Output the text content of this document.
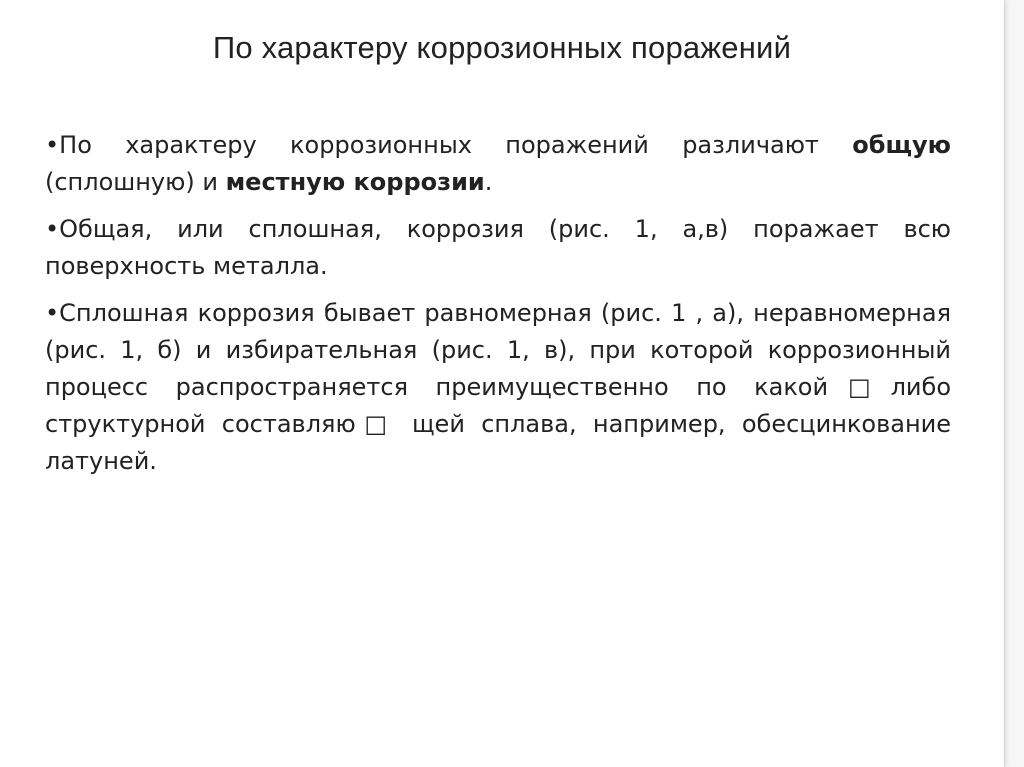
По характеру коррозионных поражений

•По характеру коррозионных поражений различают общую (сплошную) и местную коррозии.

•Общая, или сплошная, коррозия (рис. 1, а,в) поражает всю поверхность металла.

•Сплошная коррозия бывает равномерная (рис. 1 , а), неравномерная (рис. 1, б) и избирательная (рис. 1, в), при которой коррозионный процесс распространяется преимущественно по какой□либо структурной составляю□ щей сплава, например, обесцинкование латуней.
